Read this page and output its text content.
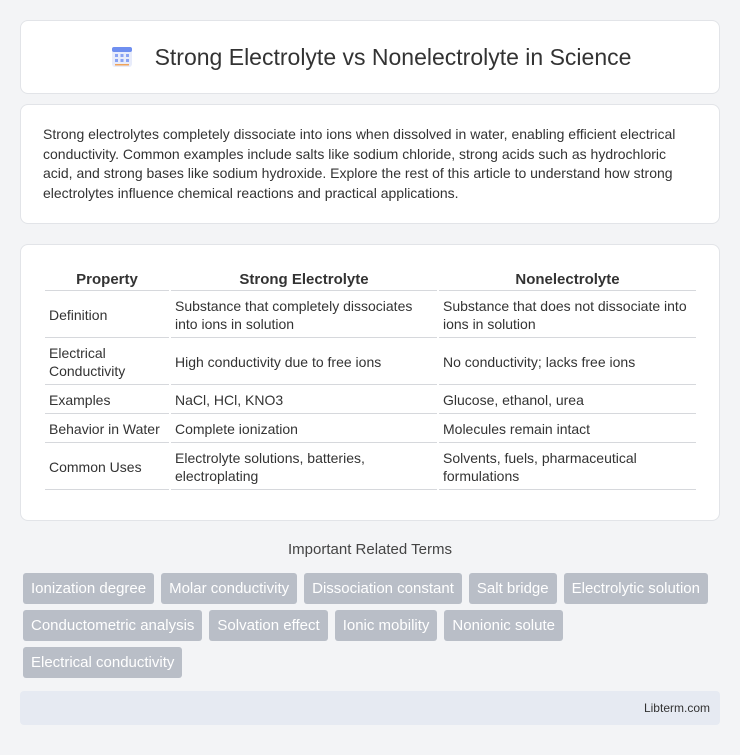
Strong Electrolyte vs Nonelectrolyte in Science

Strong electrolytes completely dissociate into ions when dissolved in water, enabling efficient electrical conductivity. Common examples include salts like sodium chloride, strong acids such as hydrochloric acid, and strong bases like sodium hydroxide. Explore the rest of this article to understand how strong electrolytes influence chemical reactions and practical applications.

Property	Strong Electrolyte	Nonelectrolyte
Definition	Substance that completely dissociates into ions in solution	Substance that does not dissociate into ions in solution
Electrical Conductivity	High conductivity due to free ions	No conductivity; lacks free ions
Examples	NaCl, HCl, KNO3	Glucose, ethanol, urea
Behavior in Water	Complete ionization	Molecules remain intact
Common Uses	Electrolyte solutions, batteries, electroplating	Solvents, fuels, pharmaceutical formulations
Important Related Terms
Ionization degree	Molar conductivity	Dissociation constant	Salt bridge	Electrolytic solution
Conductometric analysis	Solvation effect	Ionic mobility	Nonionic solute
Electrical conductivity
Libterm.com
